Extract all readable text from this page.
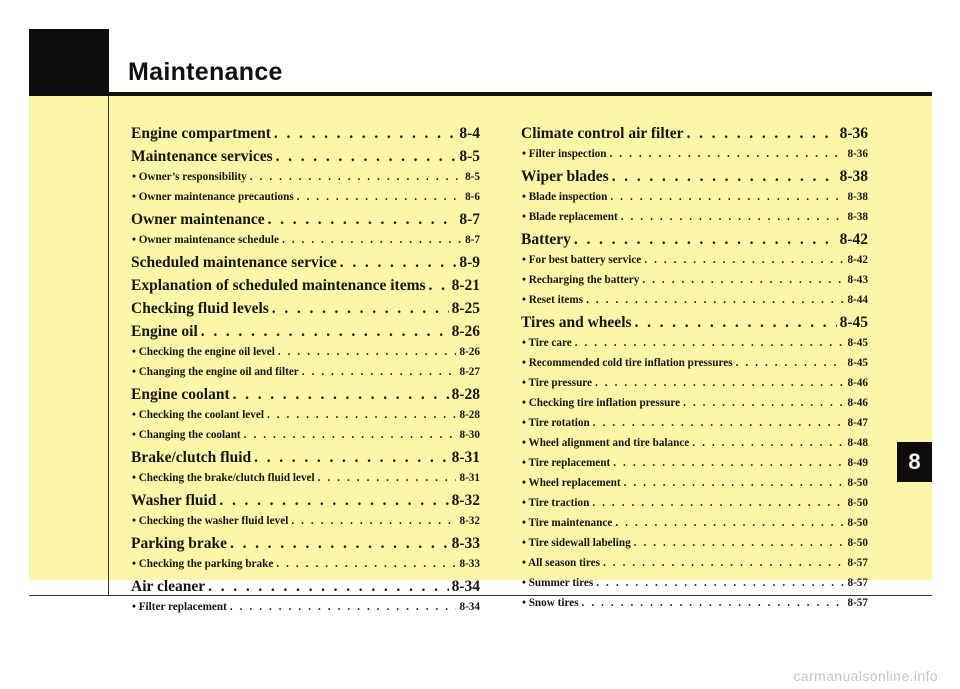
Maintenance
Engine compartment . . .	8-4
Maintenance services . . .	8-5
• Owner’s responsibility . . .	8-5
• Owner maintenance precautions . . .	8-6
Owner maintenance . . .	8-7
• Owner maintenance schedule . . .	8-7
Scheduled maintenance service . . .	8-9
Explanation of scheduled maintenance items . . . 8-21
Checking fluid levels . . .	8-25
Engine oil . . .	8-26
• Checking the engine oil level . . .	8-26
• Changing the engine oil and filter . . .	8-27
Engine coolant . . .	8-28
• Checking the coolant level . . .	8-28
• Changing the coolant . . .	8-30
Brake/clutch fluid . . .	8-31
• Checking the brake/clutch fluid level . . .	8-31
Washer fluid . . .	8-32
• Checking the washer fluid level . . .	8-32
Parking brake . . .	8-33
• Checking the parking brake . . .	8-33
Air cleaner . . .	8-34
• Filter replacement . . .	8-34
Climate control air filter . . .	8-36
• Filter inspection . . .	8-36
Wiper blades . . .	8-38
• Blade inspection . . .	8-38
• Blade replacement . . .	8-38
Battery . . .	8-42
• For best battery service . . .	8-42
• Recharging the battery . . .	8-43
• Reset items . . .	8-44
Tires and wheels . . .	8-45
• Tire care . . .	8-45
• Recommended cold tire inflation pressures . . .	8-45
• Tire pressure . . .	8-46
• Checking tire inflation pressure . . .	8-46
• Tire rotation . . .	8-47
• Wheel alignment and tire balance . . .	8-48
• Tire replacement . . .	8-49
• Wheel replacement . . .	8-50
• Tire traction . . .	8-50
• Tire maintenance . . .	8-50
• Tire sidewall labeling . . .	8-50
• All season tires . . .	8-57
• Summer tires . . .	8-57
• Snow tires . . .	8-57
8
carmanualsonline.info
